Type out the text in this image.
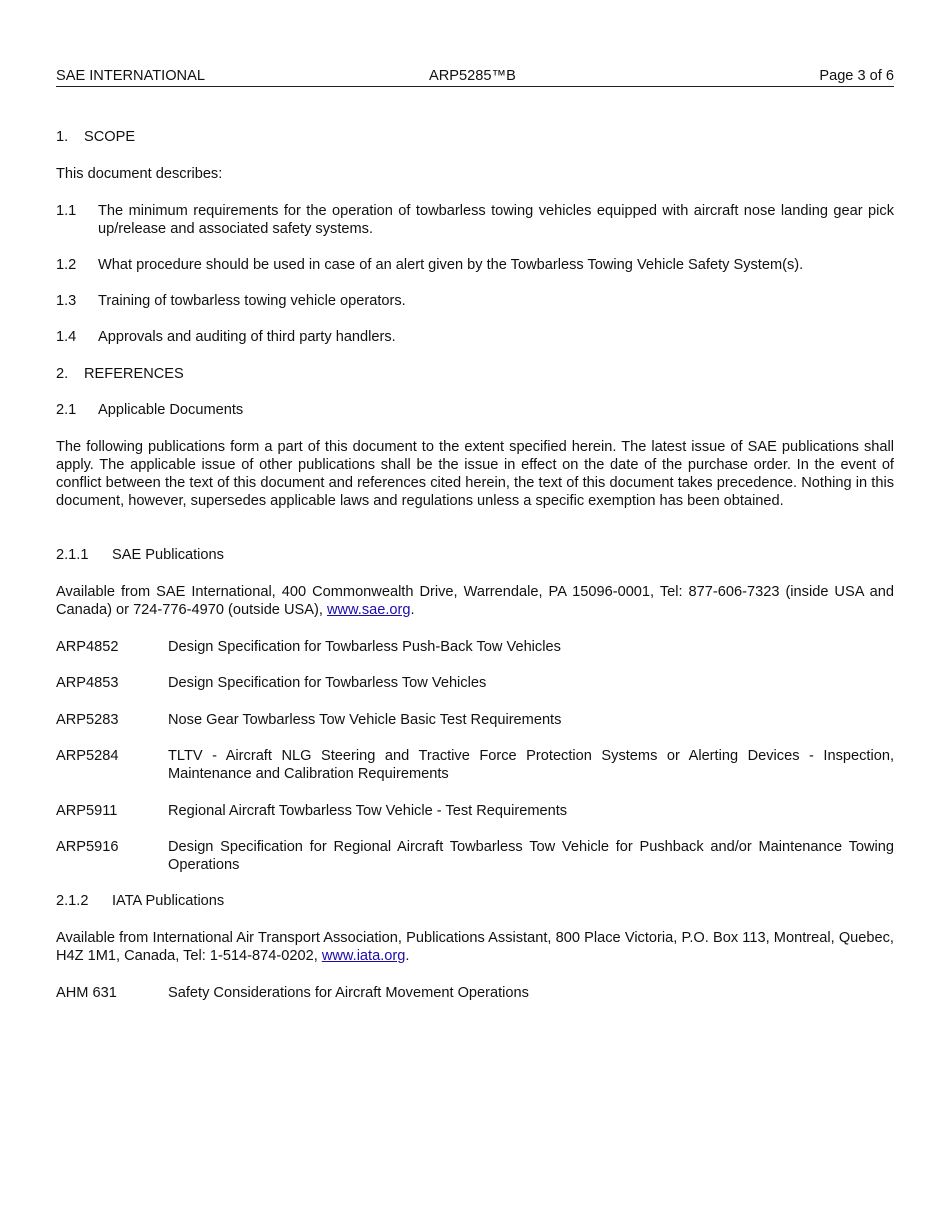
SAE INTERNATIONAL	ARP5285™B	Page 3 of 6
1.	SCOPE
This document describes:
1.1	The minimum requirements for the operation of towbarless towing vehicles equipped with aircraft nose landing gear pick up/release and associated safety systems.
1.2	What procedure should be used in case of an alert given by the Towbarless Towing Vehicle Safety System(s).
1.3	Training of towbarless towing vehicle operators.
1.4	Approvals and auditing of third party handlers.
2.	REFERENCES
2.1	Applicable Documents
The following publications form a part of this document to the extent specified herein. The latest issue of SAE publications shall apply. The applicable issue of other publications shall be the issue in effect on the date of the purchase order. In the event of conflict between the text of this document and references cited herein, the text of this document takes precedence. Nothing in this document, however, supersedes applicable laws and regulations unless a specific exemption has been obtained.
2.1.1	SAE Publications
Available from SAE International, 400 Commonwealth Drive, Warrendale, PA 15096-0001, Tel: 877-606-7323 (inside USA and Canada) or 724-776-4970 (outside USA), www.sae.org.
ARP4852	Design Specification for Towbarless Push-Back Tow Vehicles
ARP4853	Design Specification for Towbarless Tow Vehicles
ARP5283	Nose Gear Towbarless Tow Vehicle Basic Test Requirements
ARP5284	TLTV - Aircraft NLG Steering and Tractive Force Protection Systems or Alerting Devices - Inspection, Maintenance and Calibration Requirements
ARP5911	Regional Aircraft Towbarless Tow Vehicle - Test Requirements
ARP5916	Design Specification for Regional Aircraft Towbarless Tow Vehicle for Pushback and/or Maintenance Towing Operations
2.1.2	IATA Publications
Available from International Air Transport Association, Publications Assistant, 800 Place Victoria, P.O. Box 113, Montreal, Quebec, H4Z 1M1, Canada, Tel: 1-514-874-0202, www.iata.org.
AHM 631	Safety Considerations for Aircraft Movement Operations
